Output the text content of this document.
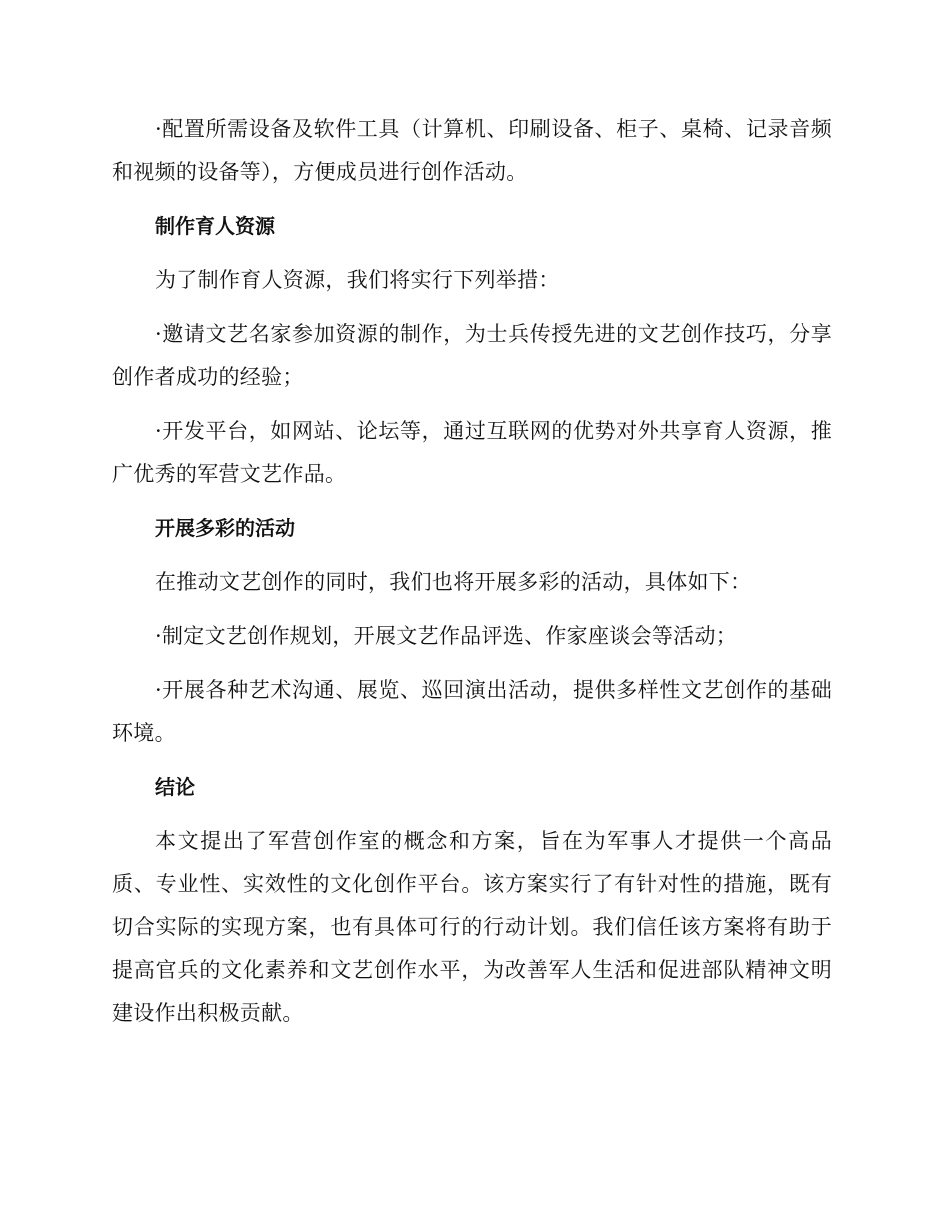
·配置所需设备及软件工具（计算机、印刷设备、柜子、桌椅、记录音频和视频的设备等），方便成员进行创作活动。

制作育人资源

为了制作育人资源，我们将实行下列举措：

·邀请文艺名家参加资源的制作，为士兵传授先进的文艺创作技巧，分享创作者成功的经验；

·开发平台，如网站、论坛等，通过互联网的优势对外共享育人资源，推广优秀的军营文艺作品。

开展多彩的活动

在推动文艺创作的同时，我们也将开展多彩的活动，具体如下：

·制定文艺创作规划，开展文艺作品评选、作家座谈会等活动；

·开展各种艺术沟通、展览、巡回演出活动，提供多样性文艺创作的基础环境。

结论

本文提出了军营创作室的概念和方案，旨在为军事人才提供一个高品质、专业性、实效性的文化创作平台。该方案实行了有针对性的措施，既有切合实际的实现方案，也有具体可行的行动计划。我们信任该方案将有助于提高官兵的文化素养和文艺创作水平，为改善军人生活和促进部队精神文明建设作出积极贡献。
